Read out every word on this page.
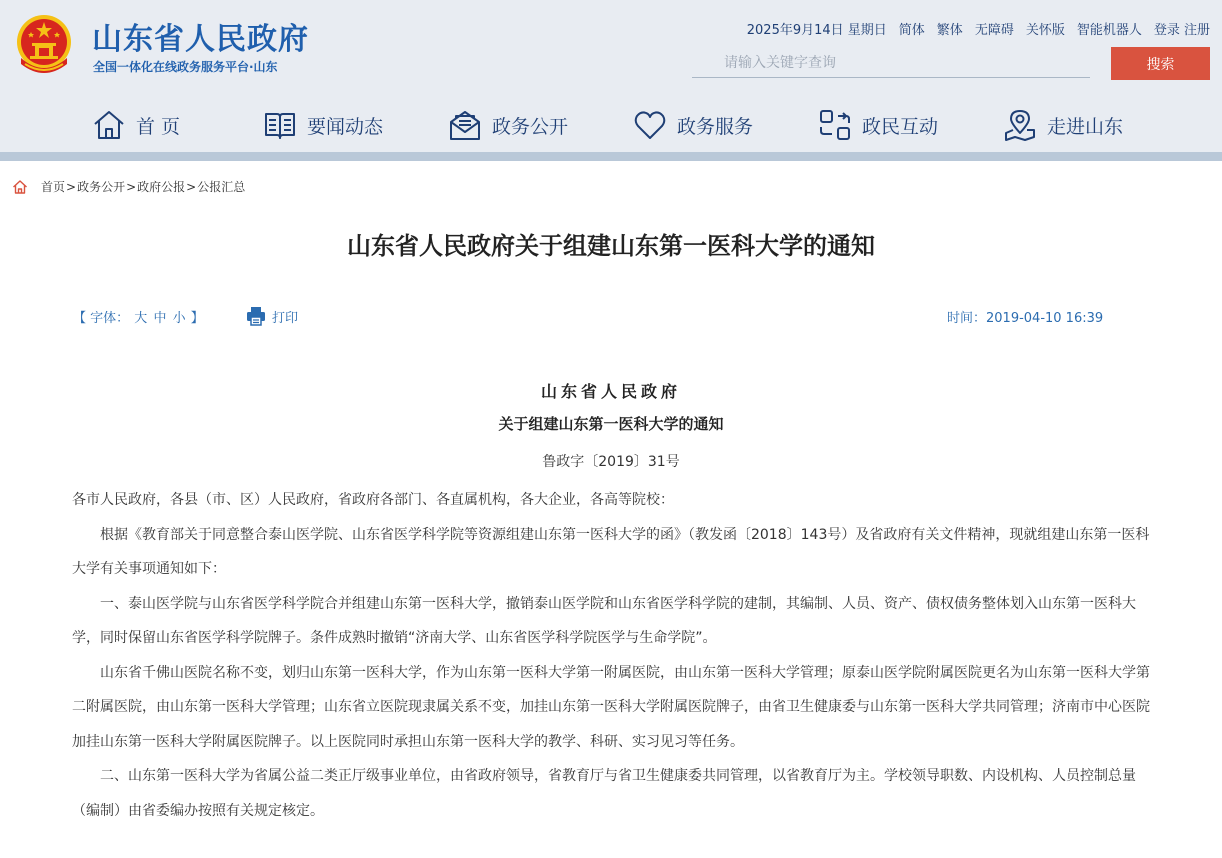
山东省人民政府
全国一体化在线政务服务平台·山东
2025年9月14日 星期日 简体 繁体 无障碍 关怀版 智能机器人 登录 注册
请输入关键字查询
搜索
首 页	要闻动态	政务公开	政务服务	政民互动	走进山东
首页 > 政务公开 > 政府公报 > 公报汇总
山东省人民政府关于组建山东第一医科大学的通知
【 字体： 大 中 小 】	打印	时间：2019-04-10 16:39
山东省人民政府
关于组建山东第一医科大学的通知
鲁政字〔2019〕31号

各市人民政府，各县（市、区）人民政府，省政府各部门、各直属机构，各大企业，各高等院校：

根据《教育部关于同意整合泰山医学院、山东省医学科学院等资源组建山东第一医科大学的函》（教发函〔2018〕143号）及省政府有关文件精神，现就组建山东第一医科大学有关事项通知如下：

一、泰山医学院与山东省医学科学院合并组建山东第一医科大学，撤销泰山医学院和山东省医学科学院的建制，其编制、人员、资产、债权债务整体划入山东第一医科大学，同时保留山东省医学科学院牌子。条件成熟时撤销“济南大学、山东省医学科学院医学与生命学院”。

山东省千佛山医院名称不变，划归山东第一医科大学，作为山东第一医科大学第一附属医院，由山东第一医科大学管理；原泰山医学院附属医院更名为山东第一医科大学第二附属医院，由山东第一医科大学管理；山东省立医院现隶属关系不变，加挂山东第一医科大学附属医院牌子，由省卫生健康委与山东第一医科大学共同管理；济南市中心医院加挂山东第一医科大学附属医院牌子。以上医院同时承担山东第一医科大学的教学、科研、实习见习等任务。

二、山东第一医科大学为省属公益二类正厅级事业单位，由省政府领导，省教育厅与省卫生健康委共同管理，以省教育厅为主。学校领导职数、内设机构、人员控制总量（编制）由省委编办按照有关规定核定。
